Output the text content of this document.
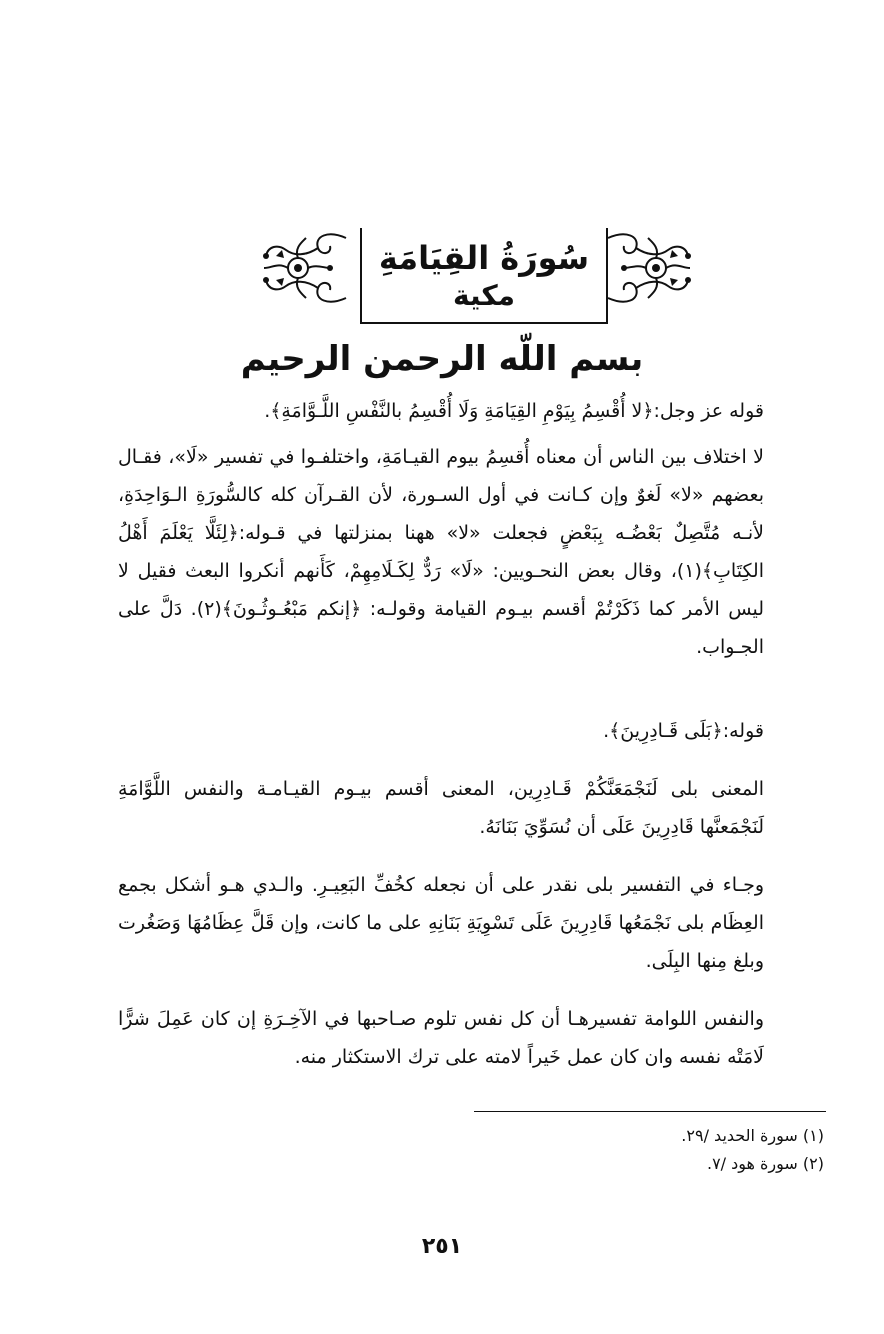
سُورَةُ القِيَامَةِ
مكية
بسم اللّه الرحمن الرحيم

قوله عز وجل:﴿لا أُقْسِمُ بِيَوْمِ القِيَامَةِ وَلَا أُقْسِمُ بالنَّفْسِ اللَّـوَّامَةِ﴾.

لا اختلاف بين الناس أن معناه أُقسِمُ بيوم القيـامَةِ، واختلفـوا في تفسير «لَا»، فقـال بعضهم «لا» لَغوٌ وإن كـانت في أول السـورة، لأن القـرآن كله كالسُّورَةِ الـوَاحِدَةِ، لأنـه مُتَّصِلٌ بَعْضُـه بِبَعْضٍ فجعلت «لا» ههنا بمنزلتها في قـوله:﴿لِئَلَّا يَعْلَمَ أَهْلُ الكِتَابِ﴾(١)، وقال بعض النحـويين: «لَا» رَدٌّ لِكَـلَامِهِمْ، كَأَنهم أنكروا البعث فقيل لا ليس الأمر كما ذَكَرْتُمْ أقسم بيـوم القيامة وقولـه: ﴿إنكم مَبْعُـوثُـونَ﴾(٢). دَلَّ على الجـواب.

قوله:﴿بَلَى قَـادِرِينَ﴾.

المعنى بلى لَنَجْمَعَنَّكُمْ قَـادِرِين، المعنى أقسم بيـوم القيـامـة والنفس اللَّوَّامَةِ لَنَجْمَعنَّها قَادِرِينَ عَلَى أن نُسَوِّيَ بَنَانَهُ.

وجـاء في التفسير بلى نقدر على أن نجعله كخُفِّ البَعِيـرِ. والـدي هـو أشكل بجمع العِظَام بلى نَجْمَعُها قَادِرِينَ عَلَى تَسْوِيَةِ بَنَانِهِ على ما كانت، وإن قَلَّ عِظَامُهَا وَصَغُرت وبلغ مِنها البِلَى.

والنفس اللوامة تفسيرهـا أن كل نفس تلوم صـاحبها في الآخِـرَةِ إن كان عَمِلَ شرًّا لَامَتْه نفسه وان كان عمل خَيراً لامته على ترك الاستكثار منه.

(١) سورة الحديد /٢٩. (٢) سورة هود /٧.
٢٥١
